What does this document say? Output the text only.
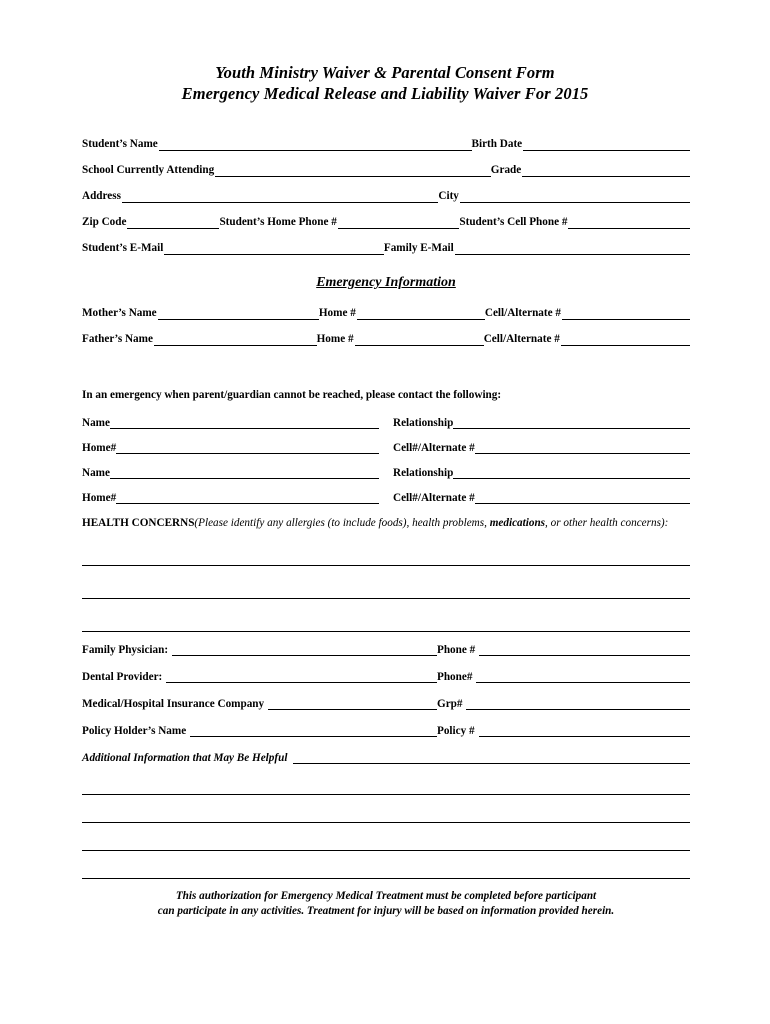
Youth Ministry Waiver & Parental Consent Form
Emergency Medical Release and Liability Waiver For 2015
Student’s Name	Birth Date
School Currently Attending	Grade
Address	City
Zip Code	Student’s Home Phone #	Student’s Cell Phone #
Student’s E-Mail	Family E-Mail
Emergency Information
Mother’s Name	Home #	Cell/Alternate #
Father’s Name	Home #	Cell/Alternate #
In an emergency when parent/guardian cannot be reached, please contact the following:
Name	Relationship
Home#	Cell#/Alternate #
Name	Relationship
Home#	Cell#/Alternate #
HEALTH CONCERNS(Please identify any allergies (to include foods), health problems, medications, or other health concerns):
Family Physician:	Phone #
Dental Provider:	Phone#
Medical/Hospital Insurance Company	Grp#
Policy Holder’s Name	Policy #
Additional Information that May Be Helpful
This authorization for Emergency Medical Treatment must be completed before participant
can participate in any activities. Treatment for injury will be based on information provided herein.
